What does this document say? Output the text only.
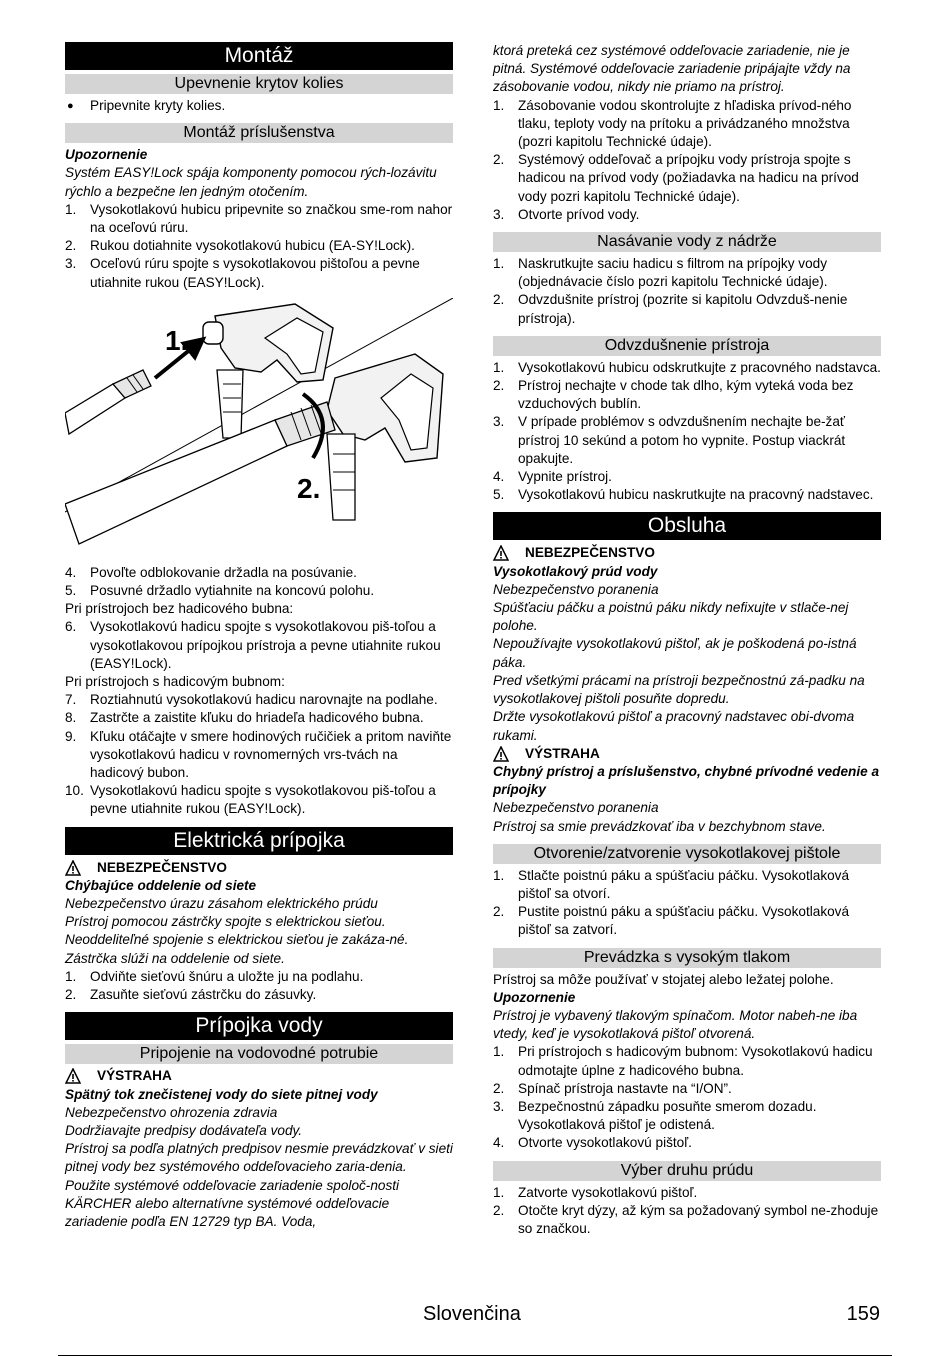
Montáž
Upevnenie krytov kolies
● Pripevnite kryty kolies.
Montáž príslušenstva

Upozornenie

Systém EASY!Lock spája komponenty pomocou rých-lozávitu rýchlo a bezpečne len jedným otočením.

1. Vysokotlakovú hubicu pripevnite so značkou sme-rom nahor na oceľovú rúru.
2. Rukou dotiahnite vysokotlakovú hubicu (EA-SY!Lock).
3. Oceľovú rúru spojte s vysokotlakovou pištoľou a pevne utiahnite rukou (EASY!Lock).
1.
2.
4. Povoľte odblokovanie držadla na posúvanie.
5. Posuvné držadlo vytiahnite na koncovú polohu.

Pri prístrojoch bez hadicového bubna:

6. Vysokotlakovú hadicu spojte s vysokotlakovou piš-toľou a vysokotlakovou prípojkou prístroja a pevne utiahnite rukou (EASY!Lock).

Pri prístrojoch s hadicovým bubnom:

7. Roztiahnutú vysokotlakovú hadicu narovnajte na podlahe.
8. Zastrčte a zaistite kľuku do hriadeľa hadicového bubna.
9. Kľuku otáčajte v smere hodinových ručičiek a pritom naviňte vysokotlakovú hadicu v rovnomerných vrs-tvách na hadicový bubon.
10. Vysokotlakovú hadicu spojte s vysokotlakovou piš-toľou a pevne utiahnite rukou (EASY!Lock).
Elektrická prípojka
NEBEZPEČENSTVO

Chýbajúce oddelenie od siete

Nebezpečenstvo úrazu zásahom elektrického prúdu

Prístroj pomocou zástrčky spojte s elektrickou sieťou.

Neoddeliteľné spojenie s elektrickou sieťou je zakáza-né. Zástrčka slúži na oddelenie od siete.

1. Odviňte sieťovú šnúru a uložte ju na podlahu.
2. Zasuňte sieťovú zástrčku do zásuvky.
Prípojka vody
Pripojenie na vodovodné potrubie
VÝSTRAHA

Spätný tok znečistenej vody do siete pitnej vody

Nebezpečenstvo ohrozenia zdravia

Dodržiavajte predpisy dodávateľa vody.

Prístroj sa podľa platných predpisov nesmie prevádzkovať v sieti pitnej vody bez systémového oddeľovacieho zaria-denia. Použite systémové oddeľovacie zariadenie spoloč-nosti KÄRCHER alebo alternatívne systémové oddeľovacie zariadenie podľa EN 12729 typ BA. Voda,

ktorá preteká cez systémové oddeľovacie zariadenie, nie je pitná. Systémové oddeľovacie zariadenie pripájajte vždy na zásobovanie vodou, nikdy nie priamo na prístroj.

1. Zásobovanie vodou skontrolujte z hľadiska prívod-ného tlaku, teploty vody na prítoku a privádzaného množstva (pozri kapitolu Technické údaje).
2. Systémový oddeľovač a prípojku vody prístroja spojte s hadicou na prívod vody (požiadavka na hadicu na prívod vody pozri kapitolu Technické údaje).
3. Otvorte prívod vody.
Nasávanie vody z nádrže
1. Naskrutkujte saciu hadicu s filtrom na prípojky vody (objednávacie číslo pozri kapitolu Technické údaje).
2. Odvzdušnite prístroj (pozrite si kapitolu Odvzduš-nenie prístroja).
Odvzdušnenie prístroja
1. Vysokotlakovú hubicu odskrutkujte z pracovného nadstavca.
2. Prístroj nechajte v chode tak dlho, kým vyteká voda bez vzduchových bublín.
3. V prípade problémov s odvzdušnením nechajte be-žať prístroj 10 sekúnd a potom ho vypnite. Postup viackrát opakujte.
4. Vypnite prístroj.
5. Vysokotlakovú hubicu naskrutkujte na pracovný nadstavec.
Obsluha
NEBEZPEČENSTVO

Vysokotlakový prúd vody

Nebezpečenstvo poranenia

Spúšťaciu páčku a poistnú páku nikdy nefixujte v stlače-nej polohe.

Nepoužívajte vysokotlakovú pištoľ, ak je poškodená po-istná páka.

Pred všetkými prácami na prístroji bezpečnostnú zá-padku na vysokotlakovej pištoli posuňte dopredu.

Držte vysokotlakovú pištoľ a pracovný nadstavec obi-dvoma rukami.

VÝSTRAHA

Chybný prístroj a príslušenstvo, chybné prívodné vedenie a prípojky

Nebezpečenstvo poranenia

Prístroj sa smie prevádzkovať iba v bezchybnom stave.

Otvorenie/zatvorenie vysokotlakovej pištole
1. Stlačte poistnú páku a spúšťaciu páčku. Vysokotlaková pištoľ sa otvorí.
2. Pustite poistnú páku a spúšťaciu páčku. Vysokotlaková pištoľ sa zatvorí.
Prevádzka s vysokým tlakom

Prístroj sa môže používať v stojatej alebo ležatej polohe.

Upozornenie

Prístroj je vybavený tlakovým spínačom. Motor nabeh-ne iba vtedy, keď je vysokotlaková pištoľ otvorená.

1. Pri prístrojoch s hadicovým bubnom: Vysokotlakovú hadicu odmotajte úplne z hadicového bubna.
2. Spínač prístroja nastavte na “I/ON”.
3. Bezpečnostnú západku posuňte smerom dozadu. Vysokotlaková pištoľ je odistená.
4. Otvorte vysokotlakovú pištoľ.
Výber druhu prúdu
1. Zatvorte vysokotlakovú pištoľ.
2. Otočte kryt dýzy, až kým sa požadovaný symbol ne-zhoduje so značkou.
Slovenčina	159
